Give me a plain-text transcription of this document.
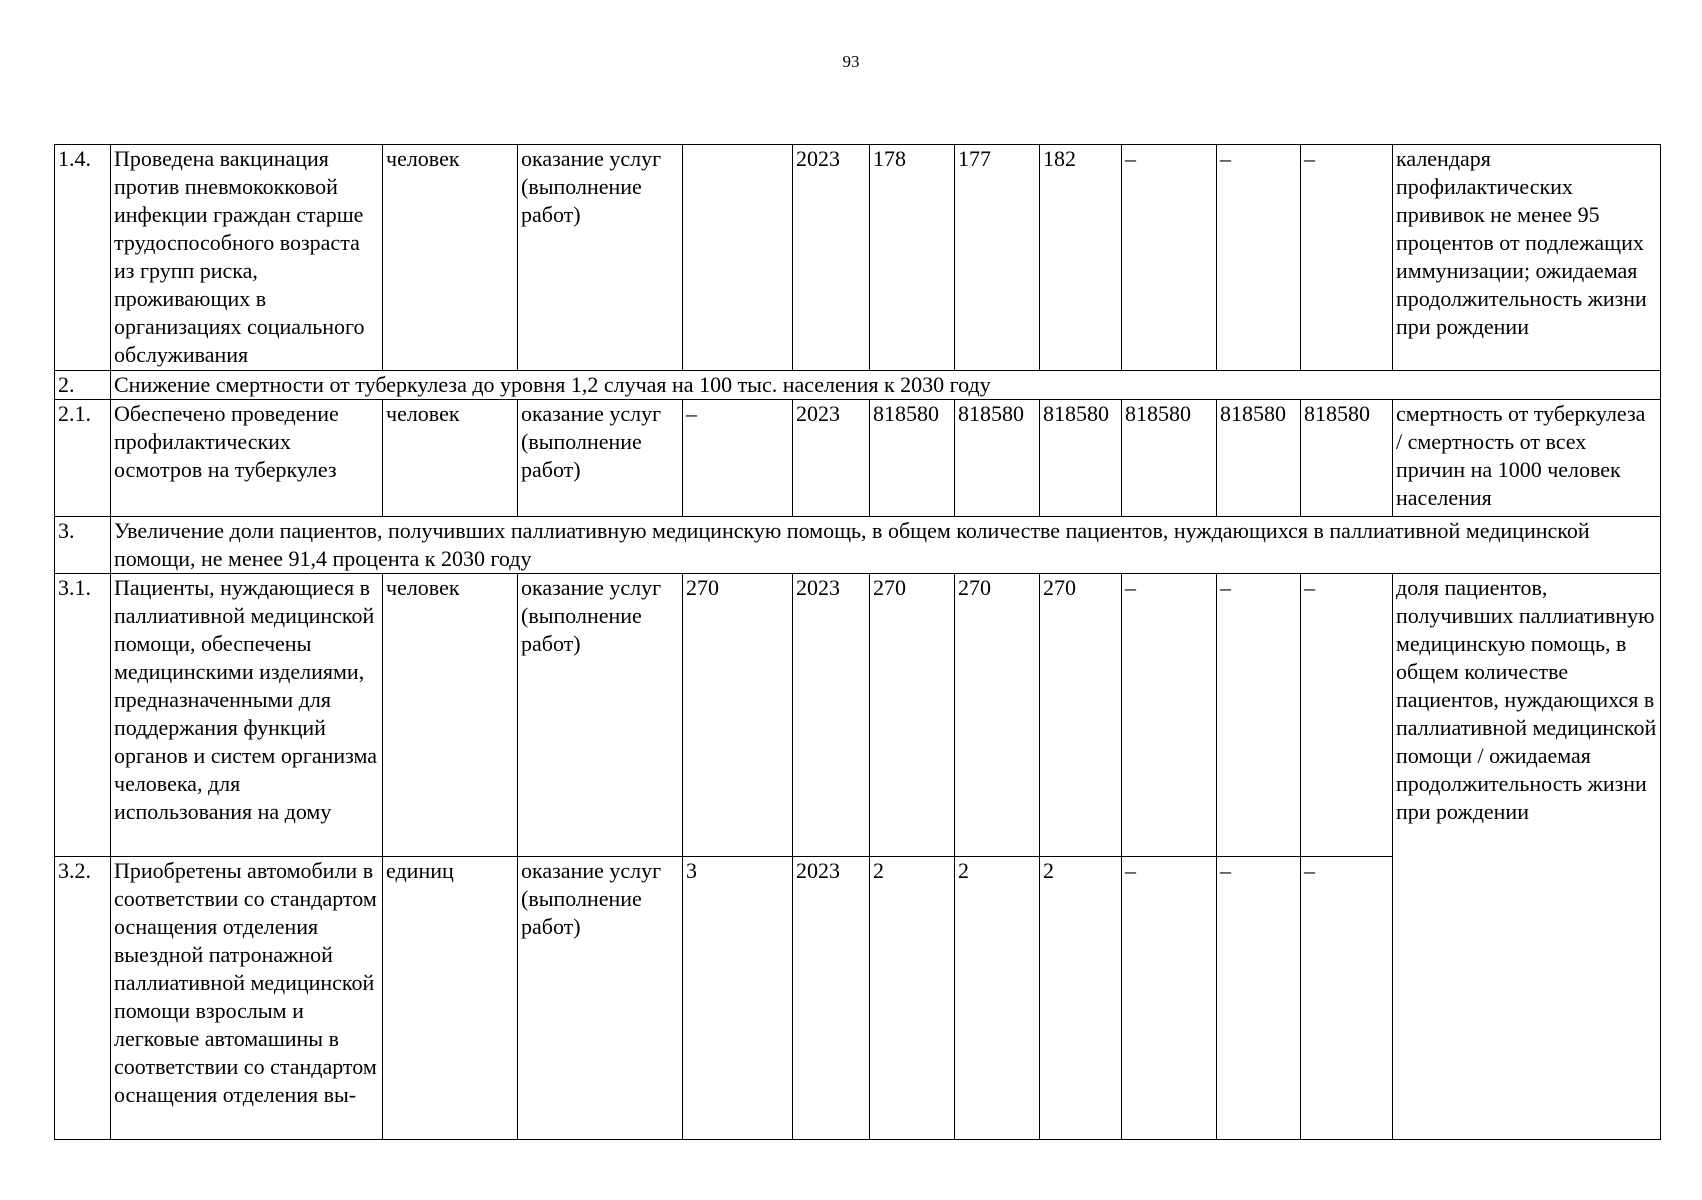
93
1.4.	Проведена вакцинация против пневмококковой инфекции граждан старше трудоспособного возраста из групп риска, проживающих в организациях социального обслуживания	человек	оказание услуг (выполнение работ)		2023	178	177	182	–	–	–	календаря профилактических прививок не менее 95 процентов от подлежащих иммунизации; ожидаемая продолжительность жизни при рождении
2.	Снижение смертности от туберкулеза до уровня 1,2 случая на 100 тыс. населения к 2030 году											
2.1.	Обеспечено проведение профилактических осмотров на туберкулез	человек	оказание услуг (выполнение работ)	–	2023	818580	818580	818580	818580	818580	818580	смертность от туберкулеза / смертность от всех причин на 1000 человек населения
3.	Увеличение доли пациентов, получивших паллиативную медицинскую помощь, в общем количестве пациентов, нуждающихся в паллиативной медицинской помощи, не менее 91,4 процента к 2030 году											
3.1.	Пациенты, нуждающиеся в паллиативной медицинской помощи, обеспечены медицинскими изделиями, предназначенными для поддержания функций органов и систем организма человека, для использования на дому	человек	оказание услуг (выполнение работ)	270	2023	270	270	270	–	–	–	доля пациентов, получивших паллиативную медицинскую помощь, в общем количестве пациентов, нуждающихся в паллиативной медицинской помощи / ожидаемая продолжительность жизни при рождении
3.2.	Приобретены автомобили в соответствии со стандартом оснащения отделения выездной патронажной паллиативной медицинской помощи взрослым и легковые автомашины в соответствии со стандартом оснащения отделения вы-	единиц	оказание услуг (выполнение работ)	3	2023	2	2	2	–	–	–	
